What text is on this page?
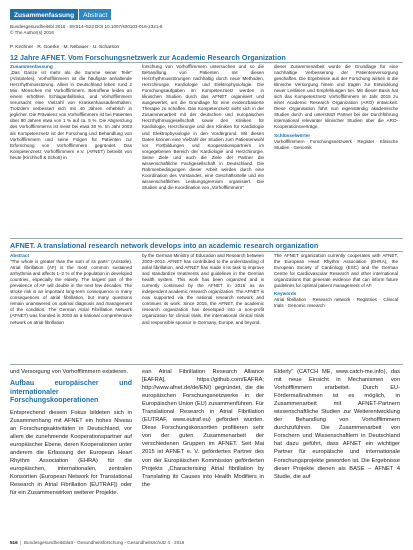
Zusammenfassung	Abstract
Bundesgesundheitsbl 2016 · 59:514–523 DOI 10.1007/s00103-016-2321-6
© The Author(s) 2016
P. Kirchner · R. Goerke · M. Nebauer · U. Scharson
12 Jahre AFNET. Vom Forschungsnetzwerk zur Academic Research Organization

Zusammenfassung

„Das Ganze ist mehr als die Summe seiner Teile" (Aristoteles). Vorhofflimmern ist die häufigste anhaltende Herzrhythmusstörung. Allein in Deutschland leben rund 2 Mio. Menschen mit Vorhofflimmern. Betroffene leiden an einem erhöhten Schlaganfallrisiko, und Vorhofflimmern verursacht eine Vielzahl von Krankenhausaufenthalten. Trotzdem verbessert sich mit 40 Jahren erheblich in jeglicher. Die Prävalenz von Vorhofflimmern ist bei Patienten über 80 Jahren etwa von 1 % auf ca. 5 %. Die Abgrenzung des Vorhofflimmerns ist meist bei etwa 30 %. Im Jahr 2003 als Kompetenznetz ist der Forschung und Behandlung von Vorhofflimmern und seine Folgen für Patienten zur Erforschung von Vorhofflimmern gegründet. Das Kompetenznetz Vorhofflimmern e.V. (AFNET) betreibt von heute (Kirchhoff & Schott) in

forschung von Vorhofflimmern untersuchen und so die Behandlung von Patienten mit diesen Herzrhythmusstörungen nachhaltig durch neue Methoden, Herzchirurgie, Kardiologie und Elektrophysiologie. Die Forschungsaufgaben im Kompetenznetz werden in klinischen Studien durch das AFNET organisiert und ausgewertet, um die Grundlage für eine evidenzbasierte Therapie zu schaffen. Das Kompetenznetz sieht sich in der Zusammenarbeit mit der deutschen und europäischen Herzrhythmusgesellschaft sowie den Kliniken für Kardiologie, Herzchirurgie und den Kliniken für Kardiologie und Elektrophysiologie in den Vordergrund. Mit diesen Daten können eine Vielzahl der Studien zum Patientenwohl vor Fortbildungen und Kooperationspartnern im vorgegebenen Bereich der Kardiologie und Herzchirurgie. Seine Ziele und auch die Ziele der Partner die wissenschaftliche Fachgesellschaft in Deutschland. Die Rahmenbedingungen dieser Arbeit werden durch eine Koordination des Vorstandes, eine Geschäftsstelle und ein wissenschaftliches Lenkungsgremium organisiert. Die Studien und die Koordination von „Vorhofflimmern"

dieser Zusammenarbeit wurde die Grundlage für eine nachhaltige Verbesserung der Patientenversorgung geschaffen. Die Ergebnisse aus der Forschung wirken in die klinische Versorgung hinein und tragen zur Entwicklung neuer Leitlinien und Empfehlungen bei. Mit dieser Basis hat sich das Kompetenznetz Vorhofflimmern im Jahr 2015 zu einer Academic Research Organization (ARO) entwickelt. Diese Organisation führt nun eigenständig akademische Studien durch und unterstützt Partner bei der Durchführung international relevanter klinischer Studien über die ARO-Kooperationsverträge.

Schlüsselwörter

Vorhofflimmern · Forschungsnetzwerk · Register · Klinische Studien · Genomik

AFNET. A translational research network develops into an academic research organization

Abstract

"The whole is greater than the sum of its parts" (Aristotle). Atrial fibrillation (AF) is the most common sustained arrhythmia and affects 1–2 % of the population in developed countries, especially the elderly. The largest part of the prevalence of AF will double in the next few decades. The stroke risk is an important long-term consequence in many consequences of atrial fibrillation, but many questions remain unanswered on optimal diagnosis and management of the condition. The German Atrial Fibrillation Network (AFNET) was founded in 2003 as a national comprehensive network on atrial fibrillation

by the German Ministry of Education and Research between 2003–2014. AFNET has contributed to the understanding of atrial fibrillation, and AFNET has made it its task to improve and standardize treatments and guidelines in the German health system. This work has been organized and is currently continued by the AFNET in 2015 as an independent academic research organization. The AFNET is now supported via the national research network and continues its work. Since 2015, the AFNET, the academic research organization has developed into a non-profit organization for clinical trials, the international clinical trials and responsible sponsor in Germany, Europe, and beyond.

The AFNET organization currently cooperates with AFNET, the European Heart Rhythm Association (EHRA), the European Society of Cardiology (ESC) and the German Centre for Cardiovascular Research and other international organizations that generate evidence that can inform future guidelines for optimal patient management of AF.

Keywords

Atrial fibrillation · Research network · Registries · Clinical trials · Genomic research

und Versorgung von Vorhofflimmern existieren.

Aufbau europäischer und internationaler Forschungskooperationen

Entsprechend diesem Fokus bildeten sich in Zusammenhang mit AFNET ein hohes Niveau an Forschungsaktivitäten in Deutschland, vor allem die zunehmende Kooperationspartner auf europäischer Ebene, deren Kooperationen unter anderem die Erfassung der European Heart Rhythm Association (EHRA) für die europäischen, internationalen, zentralen Konsortien (European Network for Translational Research in Atrial Fibrillation [EUTRAF]) oder für ein Zusammenwirken weiterer Projekte.

ean Atrial Fibrillation Research Alliance [EAFRA], https://github.com/EAFRA; http://www.afnet.de/de/EN/) gegründet, die die europäischen Forschungsnetzwerke in der Europäischen Union (EU) zusammenführen. Für Translational Research in Atrial Fibrillation (EUTRAF, www.eutraf.eu) gefördert wurden. Diese Forschungskonsortien profitieren sehr von der guten Zusammenarbeit der verschiedenen Gruppen im AFNET. Seit Mai 2015 ist AFNET e. V. gefördertes Partner des von der Europäischen Kommission geförderten Projekts „Characterising Atrial fibrillation by Translating its Causes into Health Modifiers in the

Elderly" (CATCH ME, www.catch-me.info), das mit neue Einsicht in Mechanismen von Vorhofflimmern erarbeitet. Durch EU-Fördermaßnahmen ist es möglich, in Zusammenarbeit mit AFNET-Partnern wissenschaftliche Studien zur Weiterentwicklung der Behandlung von Vorhofflimmern durchzuführen. Die Zusammenarbeit von Forschern und Wissenschaftlern in Deutschland hat dazu geführt, dass AFNET ein wichtiger Partner für europäische und internationale Forschungsprojekte geworden ist. Die Ergebnisse dieser Projekte dienen als BASE – AFNET 4 Studie, die auf

516  |  Bundesgesundheitsblatt - Gesundheitsforschung - Gesundheitsschutz 4 · 2016
